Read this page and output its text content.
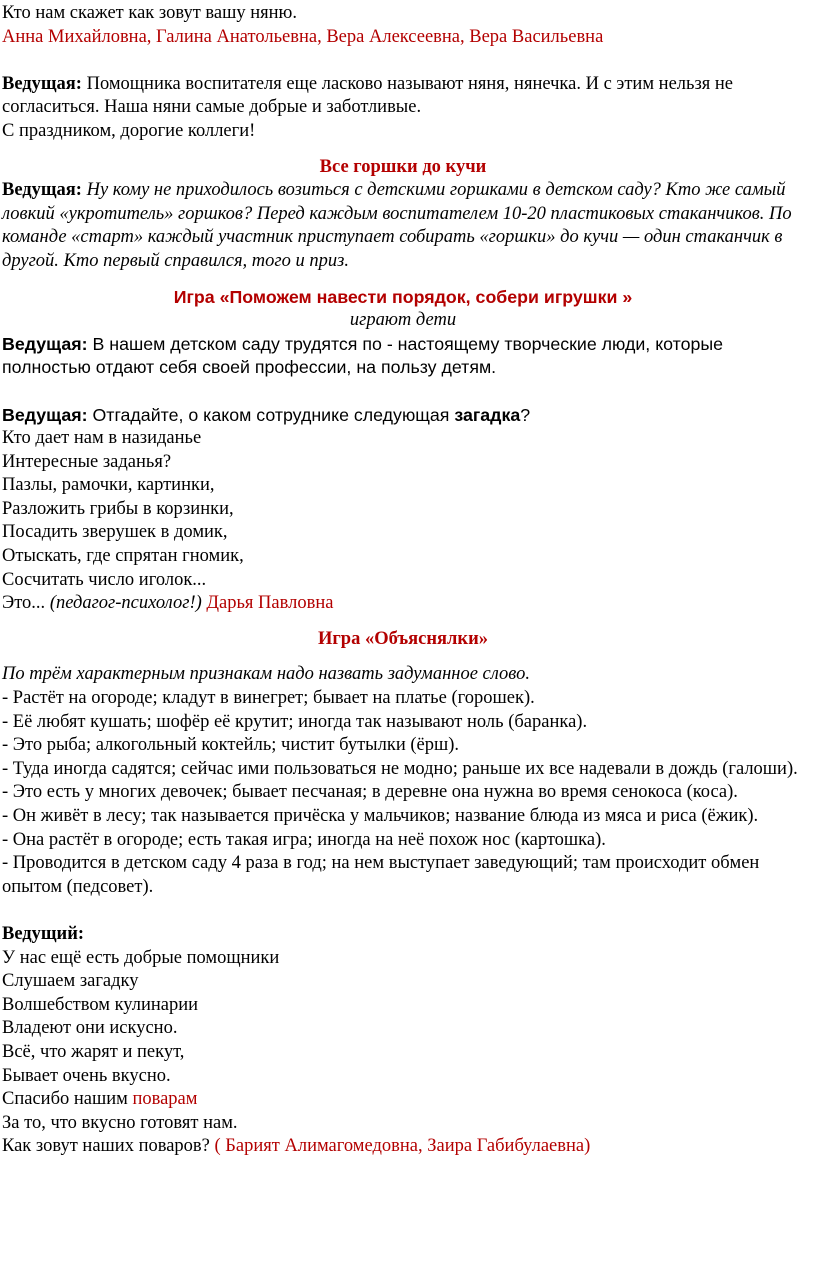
Кто нам скажет как зовут вашу няню.
Анна Михайловна, Галина Анатольевна, Вера Алексеевна, Вера Васильевна
Ведущая: Помощника воспитателя еще ласково называют няня, нянечка. И с этим нельзя не согласиться. Наша няни самые добрые и заботливые.
С праздником, дорогие коллеги!
Все горшки до кучи
Ведущая: Ну кому не приходилось возиться с детскими горшками в детском саду? Кто же самый ловкий «укротитель» горшков? Перед каждым воспитателем 10-20 пластиковых стаканчиков. По команде «старт» каждый участник приступает собирать «горшки» до кучи — один стаканчик в другой. Кто первый справился, того и приз.
Игра «Поможем навести порядок, собери игрушки »
играют дети
Ведущая: В нашем детском саду трудятся по - настоящему творческие люди, которые полностью отдают себя своей профессии, на пользу детям.
Ведущая: Отгадайте, о каком сотруднике следующая загадка?
Кто дает нам в назиданье
Интересные заданья?
Пазлы, рамочки, картинки,
Разложить грибы в корзинки,
Посадить зверушек в домик,
Отыскать, где спрятан гномик,
Сосчитать число иголок...
Это... (педагог-психолог!) Дарья Павловна
Игра «Объяснялки»
По трём характерным признакам надо назвать задуманное слово.
- Растёт на огороде; кладут в винегрет; бывает на платье (горошек).
- Её любят кушать; шофёр её крутит; иногда так называют ноль (баранка).
- Это рыба; алкогольный коктейль; чистит бутылки (ёрш).
- Туда иногда садятся; сейчас ими пользоваться не модно; раньше их все надевали в дождь (галоши).
- Это есть у многих девочек; бывает песчаная; в деревне она нужна во время сенокоса (коса).
- Он живёт в лесу; так называется причёска у мальчиков; название блюда из мяса и риса (ёжик).
- Она растёт в огороде; есть такая игра; иногда на неё похож нос (картошка).
- Проводится в детском саду 4 раза в год; на нем выступает заведующий; там происходит обмен опытом (педсовет).
Ведущий:
У нас ещё есть добрые помощники
Слушаем загадку
Волшебством кулинарии
Владеют они искусно.
Всё, что жарят и пекут,
Бывает очень вкусно.
Спасибо нашим поварам
За то, что вкусно готовят нам.
Как зовут наших поваров? ( Барият Алимагомедовна, Заира Габибулаевна)
